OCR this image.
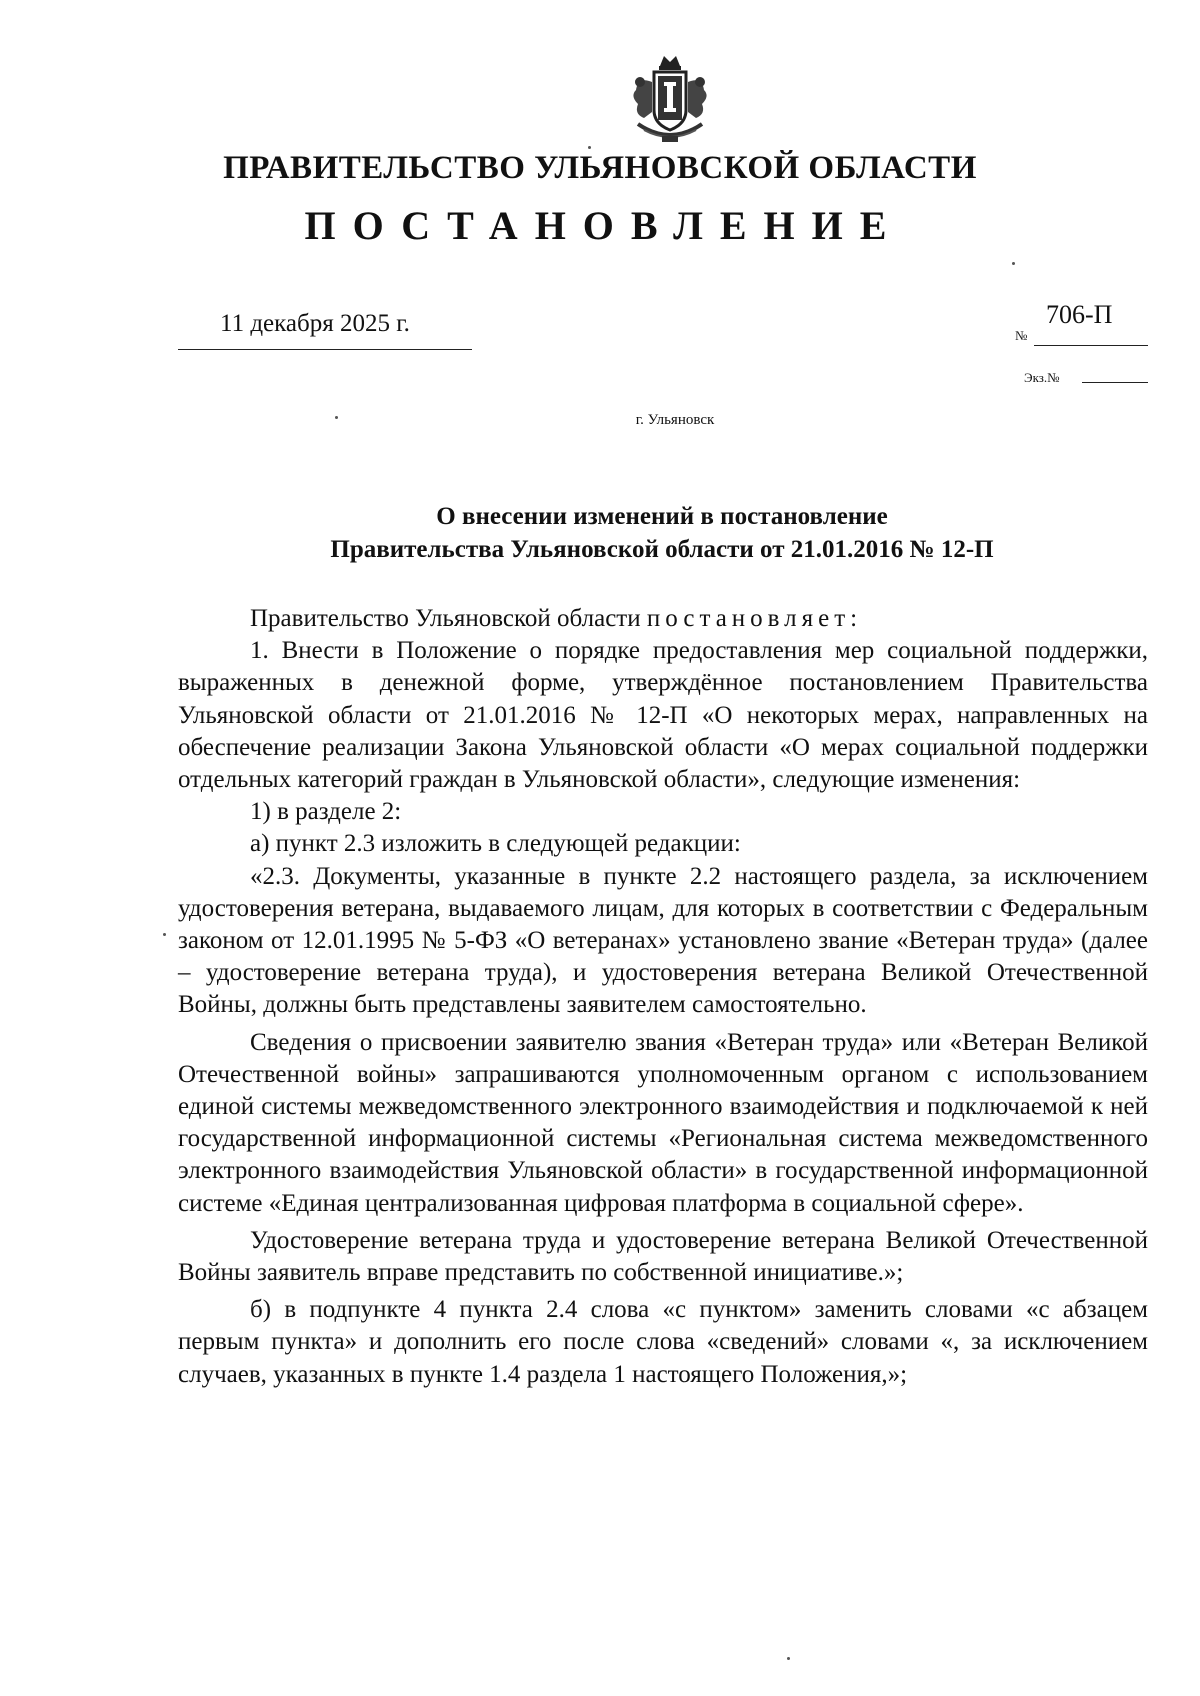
ПРАВИТЕЛЬСТВО УЛЬЯНОВСКОЙ ОБЛАСТИ
ПОСТАНОВЛЕНИЕ
11 декабря 2025 г.	№
706-П
Экз.№
г. Ульяновск
О внесении изменений в постановление
Правительства Ульяновской области от 21.01.2016 № 12-П

Правительство Ульяновской области постановляет:

1. Внести в Положение о порядке предоставления мер социальной поддержки, выраженных в денежной форме, утверждённое постановлением Правительства Ульяновской области от 21.01.2016 № 12-П «О некоторых мерах, направленных на обеспечение реализации Закона Ульяновской области «О мерах социальной поддержки отдельных категорий граждан в Ульяновской области», следующие изменения:

1) в разделе 2:

а) пункт 2.3 изложить в следующей редакции:

«2.3. Документы, указанные в пункте 2.2 настоящего раздела, за исключением удостоверения ветерана, выдаваемого лицам, для которых в соответствии с Федеральным законом от 12.01.1995 № 5-ФЗ «О ветеранах» установлено звание «Ветеран труда» (далее – удостоверение ветерана труда), и удостоверения ветерана Великой Отечественной Войны, должны быть представлены заявителем самостоятельно.

Сведения о присвоении заявителю звания «Ветеран труда» или «Ветеран Великой Отечественной войны» запрашиваются уполномоченным органом с использованием единой системы межведомственного электронного взаимодействия и подключаемой к ней государственной информационной системы «Региональная система межведомственного электронного взаимодействия Ульяновской области» в государственной информационной системе «Единая централизованная цифровая платформа в социальной сфере».

Удостоверение ветерана труда и удостоверение ветерана Великой Отечественной Войны заявитель вправе представить по собственной инициативе.»;

б) в подпункте 4 пункта 2.4 слова «с пунктом» заменить словами «с абзацем первым пункта» и дополнить его после слова «сведений» словами «, за исключением случаев, указанных в пункте 1.4 раздела 1 настоящего Положения,»;
